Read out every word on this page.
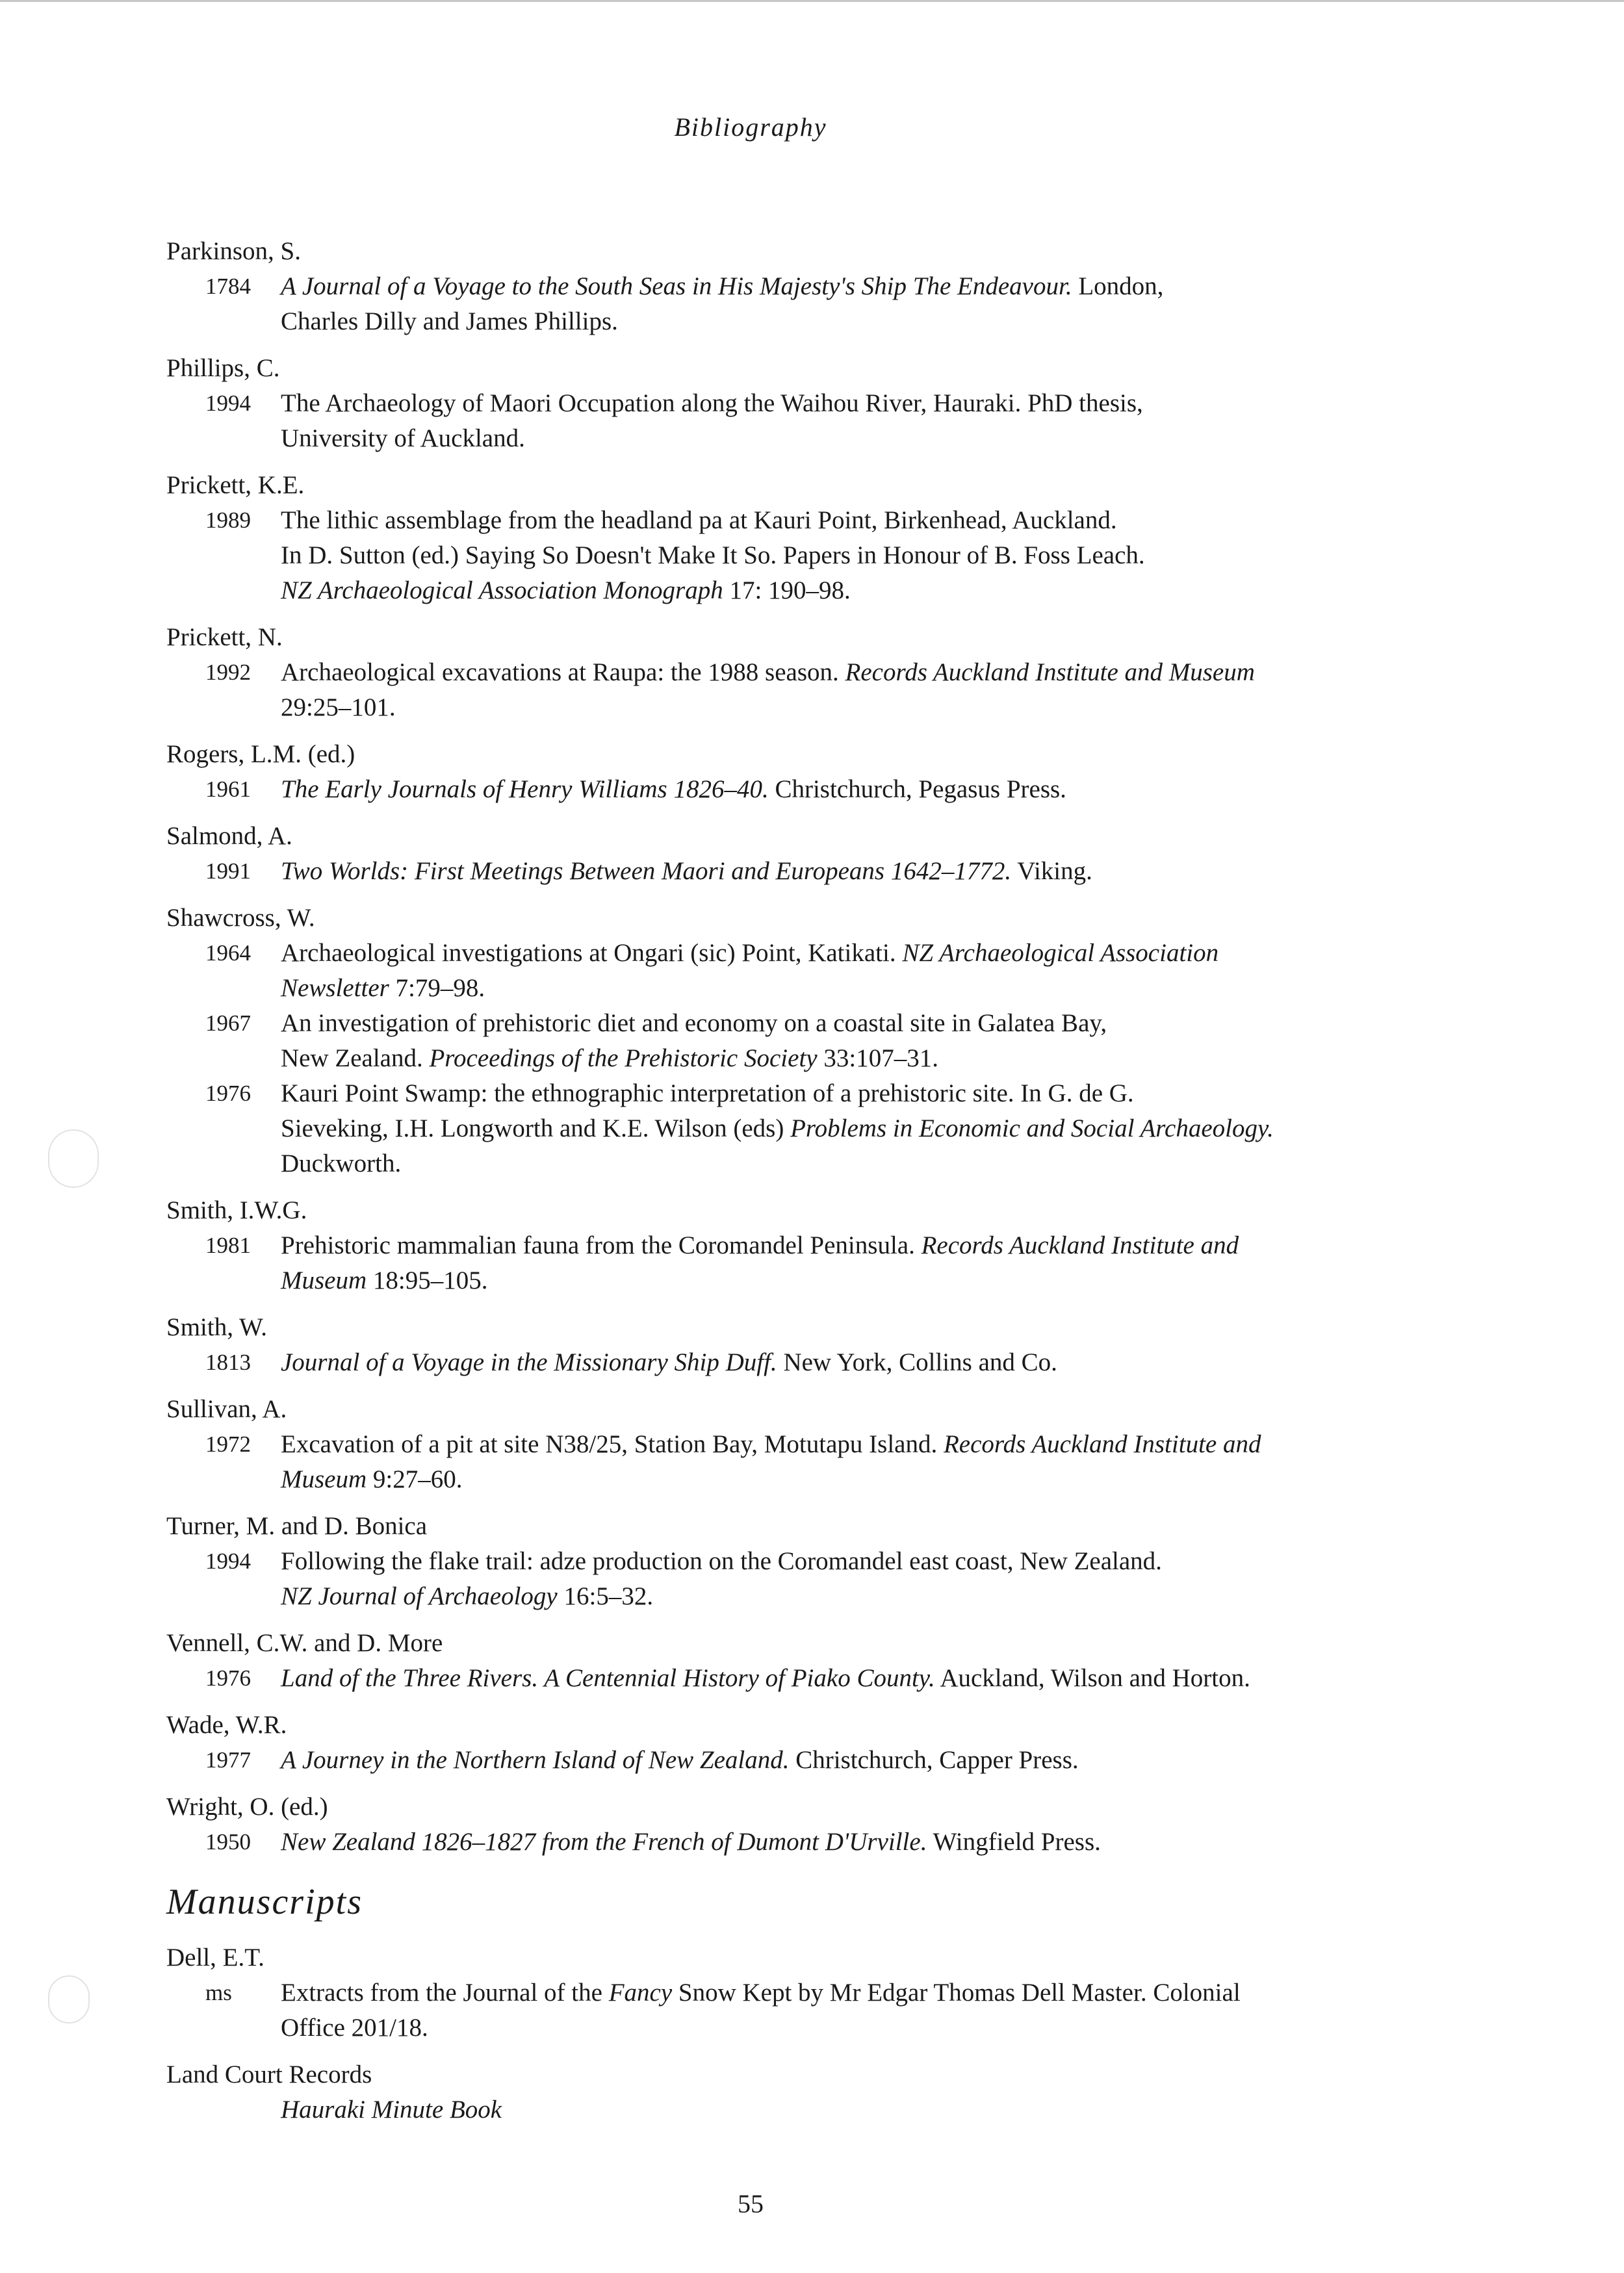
Bibliography
Parkinson, S.
1784 A Journal of a Voyage to the South Seas in His Majesty's Ship The Endeavour. London,
Charles Dilly and James Phillips.
Phillips, C.
1994 The Archaeology of Maori Occupation along the Waihou River, Hauraki. PhD thesis,
University of Auckland.
Prickett, K.E.
1989 The lithic assemblage from the headland pa at Kauri Point, Birkenhead, Auckland.
In D. Sutton (ed.) Saying So Doesn't Make It So. Papers in Honour of B. Foss Leach.
NZ Archaeological Association Monograph 17: 190–98.
Prickett, N.
1992 Archaeological excavations at Raupa: the 1988 season. Records Auckland Institute and Museum
29:25–101.
Rogers, L.M. (ed.)
1961 The Early Journals of Henry Williams 1826–40. Christchurch, Pegasus Press.
Salmond, A.
1991 Two Worlds: First Meetings Between Maori and Europeans 1642–1772. Viking.
Shawcross, W.
1964 Archaeological investigations at Ongari (sic) Point, Katikati. NZ Archaeological Association
Newsletter 7:79–98.
1967 An investigation of prehistoric diet and economy on a coastal site in Galatea Bay,
New Zealand. Proceedings of the Prehistoric Society 33:107–31.
1976 Kauri Point Swamp: the ethnographic interpretation of a prehistoric site. In G. de G.
Sieveking, I.H. Longworth and K.E. Wilson (eds) Problems in Economic and Social Archaeology.
Duckworth.
Smith, I.W.G.
1981 Prehistoric mammalian fauna from the Coromandel Peninsula. Records Auckland Institute and
Museum 18:95–105.
Smith, W.
1813 Journal of a Voyage in the Missionary Ship Duff. New York, Collins and Co.
Sullivan, A.
1972 Excavation of a pit at site N38/25, Station Bay, Motutapu Island. Records Auckland Institute and
Museum 9:27–60.
Turner, M. and D. Bonica
1994 Following the flake trail: adze production on the Coromandel east coast, New Zealand.
NZ Journal of Archaeology 16:5–32.
Vennell, C.W. and D. More
1976 Land of the Three Rivers. A Centennial History of Piako County. Auckland, Wilson and Horton.
Wade, W.R.
1977 A Journey in the Northern Island of New Zealand. Christchurch, Capper Press.
Wright, O. (ed.)
1950 New Zealand 1826–1827 from the French of Dumont D'Urville. Wingfield Press.
Manuscripts
Dell, E.T.
ms Extracts from the Journal of the Fancy Snow Kept by Mr Edgar Thomas Dell Master. Colonial
Office 201/18.
Land Court Records
Hauraki Minute Book
55
